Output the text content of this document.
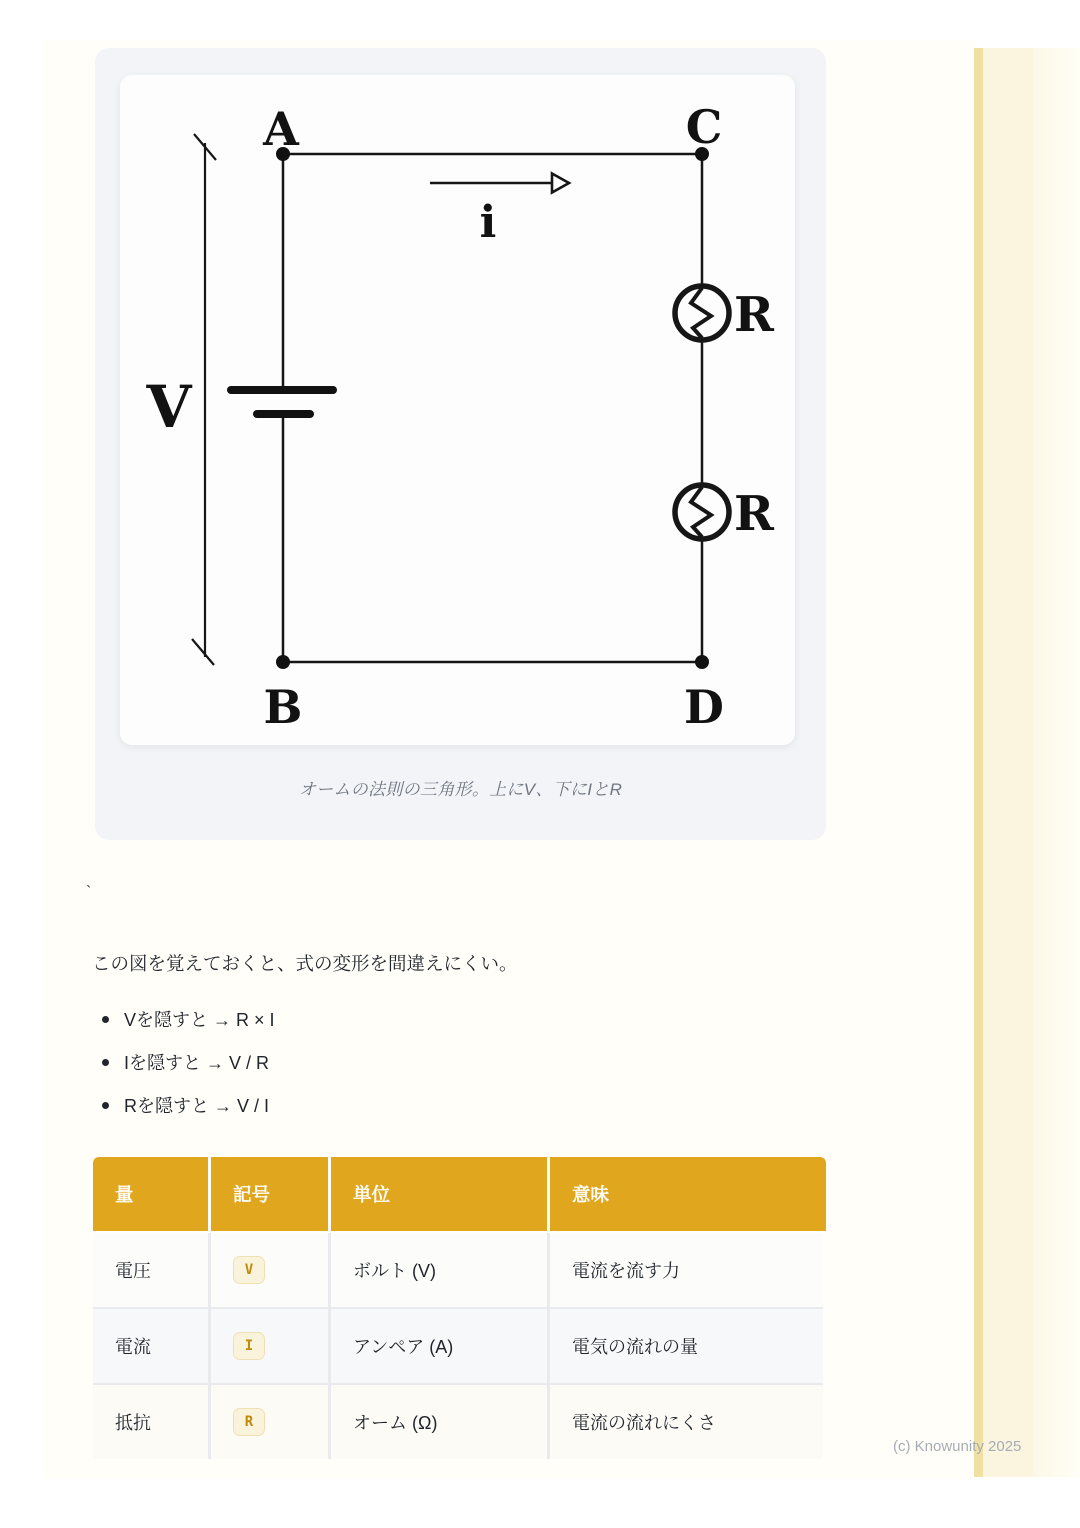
A	C
B	D
V
i
R
R
オームの法則の三角形。上にV、下にIとR
`
この図を覚えておくと、式の変形を間違えにくい。
Vを隠すと → R × I
Iを隠すと → V / R
Rを隠すと → V / I
量	記号	単位	意味
電圧	V	ボルト (V)	電流を流す力
電流	I	アンペア (A)	電気の流れの量
抵抗	R	オーム (Ω)	電流の流れにくさ
(c) Knowunity 2025
